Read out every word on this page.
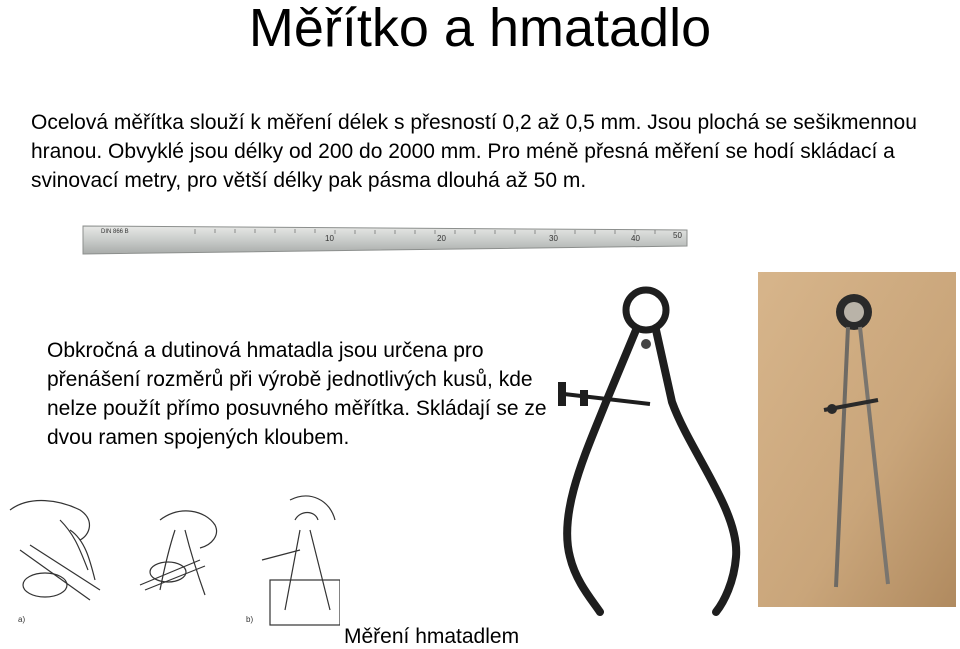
Měřítko a hmatadlo
Ocelová měřítka slouží k měření délek s přesností 0,2 až 0,5 mm. Jsou plochá se sešikmennou hranou. Obvyklé jsou délky od 200 do 2000 mm. Pro méně přesná měření se hodí skládací a svinovací metry, pro větší délky pak pásma dlouhá až 50 m.
DIN 866 B
10	20	30	40	50
Obkročná a dutinová hmatadla jsou určena pro přenášení rozměrů při výrobě jednotlivých kusů, kde nelze použít přímo posuvného měřítka. Skládají se ze dvou ramen spojených kloubem.
a)	b)
Měření hmatadlem
